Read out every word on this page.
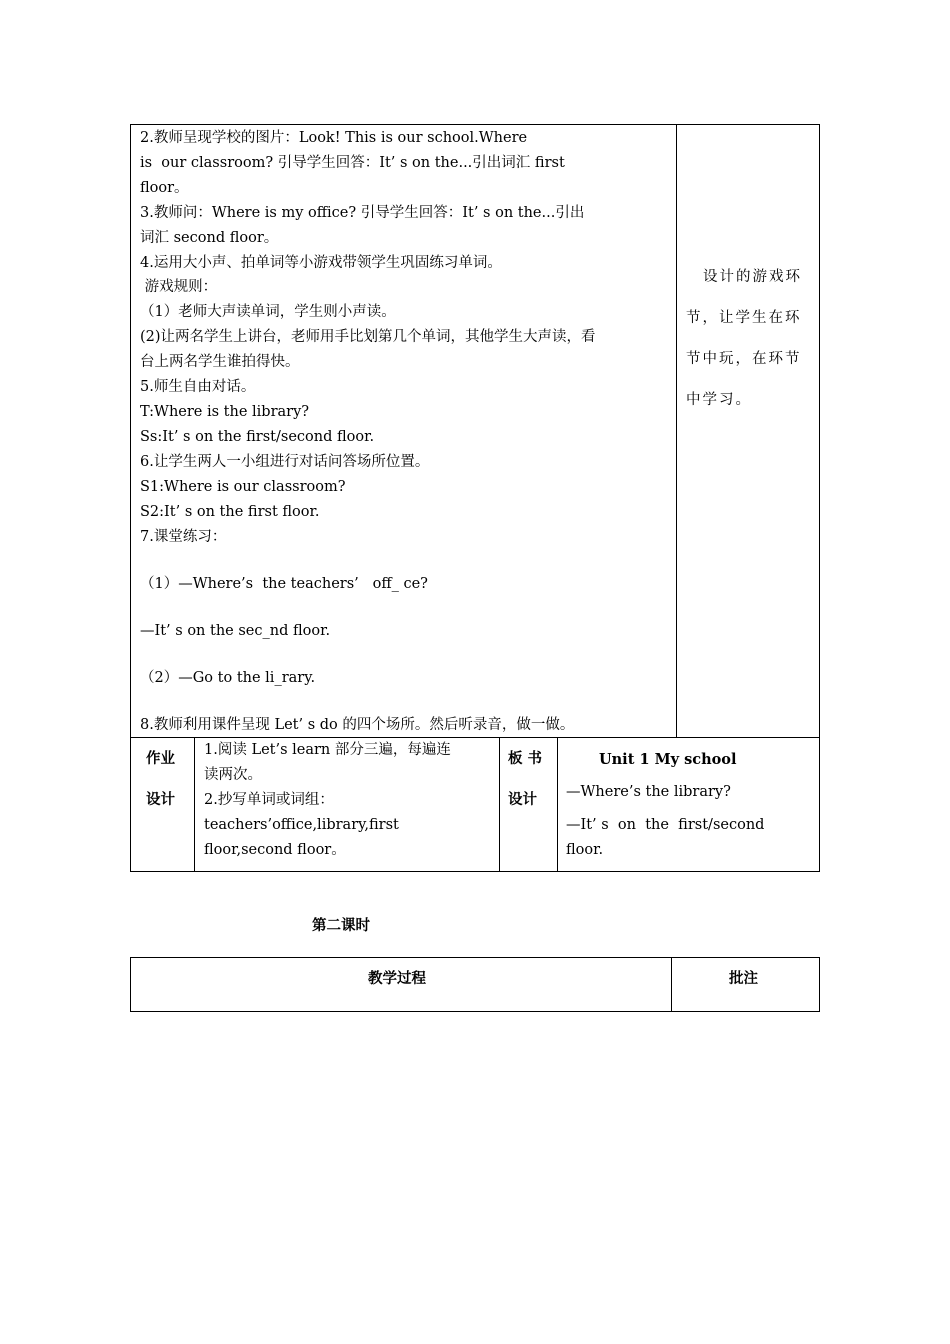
2.教师呈现学校的图片：Look! This is our school.Where
is  our classroom? 引导学生回答：It’ s on the...引出词汇 first
floor。
3.教师问：Where is my office? 引导学生回答：It’ s on the...引出
词汇 second floor。
4.运用大小声、拍单词等小游戏带领学生巩固练习单词。
游戏规则：
（1）老师大声读单词，学生则小声读。
(2)让两名学生上讲台，老师用手比划第几个单词，其他学生大声读，看
台上两名学生谁拍得快。
5.师生自由对话。
T:Where is the library?
Ss:It’ s on the first/second floor.
6.让学生两人一小组进行对话问答场所位置。
S1:Where is our classroom?
S2:It’ s on the first floor.
7.课堂练习：
（1）—Where’s  the teachers’   off_ ce?
—It’ s on the sec_nd floor.
（2）—Go to the li_rary.
8.教师利用课件呈现 Let’ s do 的四个场所。然后听录音，做一做。
设计的游戏环
节，让学生在环
节中玩，在环节
中学习。
作业
设计
1.阅读 Let’s learn 部分三遍，每遍连
读两次。
2.抄写单词或词组：
teachers’office,library,first
floor,second floor。
板 书
设计
Unit 1 My school
—Where’s the library?
—It’ s  on  the  first/second
floor.
第二课时
教学过程	批注
